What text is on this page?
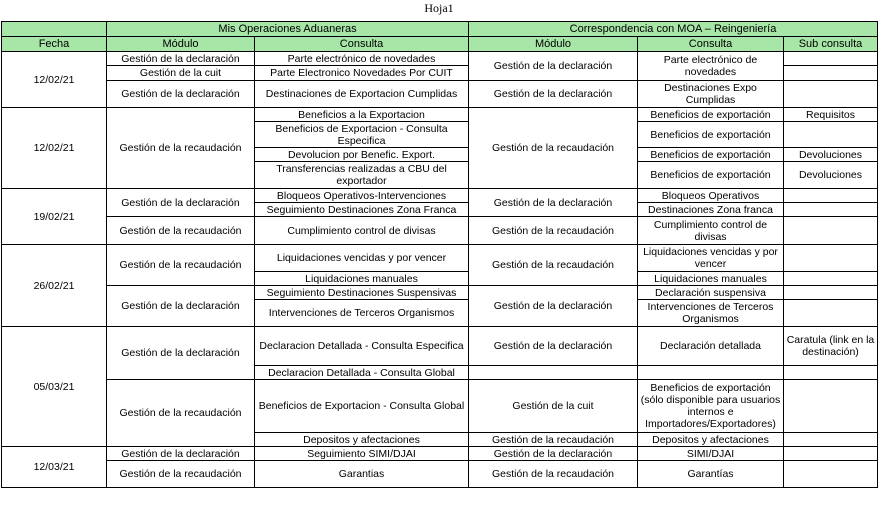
Hoja1
	Mis Operaciones Aduaneras		Correspondencia con MOA – Reingeniería		
Fecha	Módulo	Consulta	Módulo	Consulta	Sub consulta
12/02/21	Gestión de la declaración	Parte electrónico de novedades	Gestión de la declaración	Parte electrónico de novedades	
	Gestión de la cuit	Parte Electronico Novedades Por CUIT			
	Gestión de la declaración	Destinaciones de Exportacion Cumplidas	Gestión de la declaración	Destinaciones Expo Cumplidas	
12/02/21	Gestión de la recaudación	Beneficios a la Exportacion	Gestión de la recaudación	Beneficios de exportación	Requisitos
		Beneficios de Exportacion - Consulta Especifica		Beneficios de exportación	
		Devolucion por Benefic. Export.		Beneficios de exportación	Devoluciones
		Transferencias realizadas a CBU del exportador		Beneficios de exportación	Devoluciones
19/02/21	Gestión de la declaración	Bloqueos Operativos-Intervenciones	Gestión de la declaración	Bloqueos Operativos	
		Seguimiento Destinaciones Zona Franca		Destinaciones Zona franca	
	Gestión de la recaudación	Cumplimiento control de divisas	Gestión de la recaudación	Cumplimiento control de divisas	
26/02/21	Gestión de la recaudación	Liquidaciones vencidas y por vencer	Gestión de la recaudación	Liquidaciones vencidas y por vencer	
		Liquidaciones manuales		Liquidaciones manuales	
	Gestión de la declaración	Seguimiento Destinaciones Suspensivas	Gestión de la declaración	Declaración suspensiva	
		Intervenciones de Terceros Organismos		Intervenciones de Terceros Organismos	
05/03/21	Gestión de la declaración	Declaracion Detallada - Consulta Especifica	Gestión de la declaración	Declaración detallada	Caratula (link en la destinación)
		Declaracion Detallada - Consulta Global			
	Gestión de la recaudación	Beneficios de Exportacion - Consulta Global	Gestión de la cuit	Beneficios de exportación (sólo disponible para usuarios internos e Importadores/Exportadores)	
		Depositos y afectaciones	Gestión de la recaudación	Depositos y afectaciones	
12/03/21	Gestión de la declaración	Seguimiento SIMI/DJAI	Gestión de la declaración	SIMI/DJAI	
	Gestión de la recaudación	Garantias	Gestión de la recaudación	Garantías	
